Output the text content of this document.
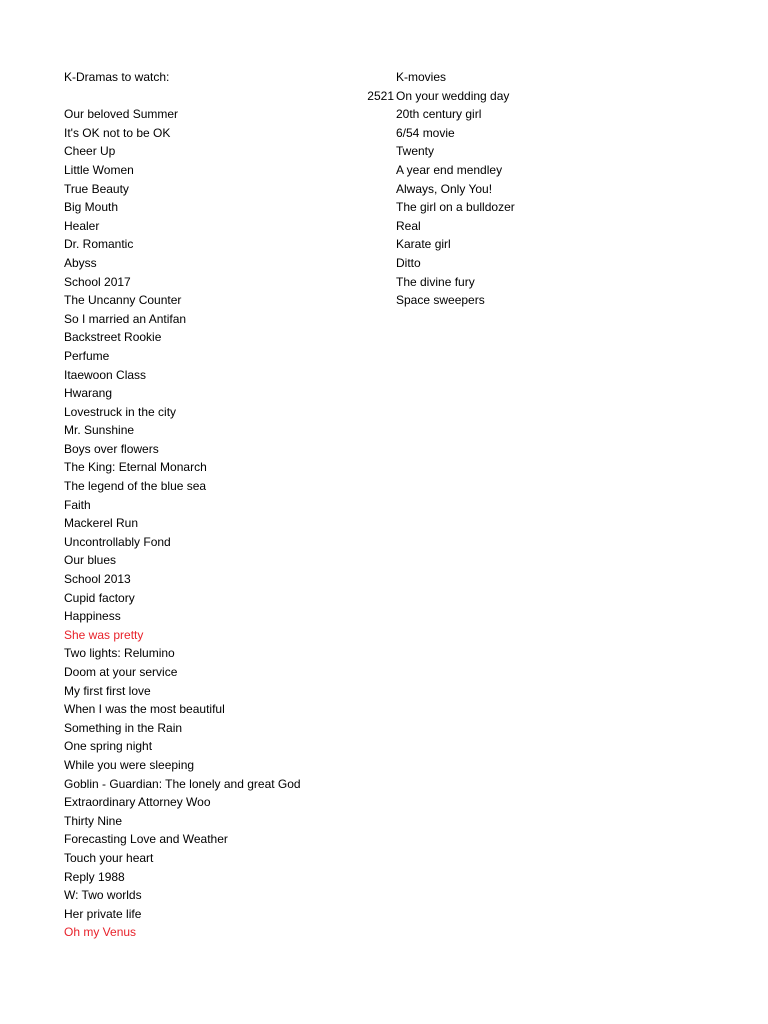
K-Dramas to watch:
Our beloved Summer
It's OK not to be OK
Cheer Up
Little Women
True Beauty
Big Mouth
Healer
Dr. Romantic
Abyss
School 2017
The Uncanny Counter
So I married an Antifan
Backstreet Rookie
Perfume
Itaewoon Class
Hwarang
Lovestruck in the city
Mr. Sunshine
Boys over flowers
The King: Eternal Monarch
The legend of the blue sea
Faith
Mackerel Run
Uncontrollably Fond
Our blues
School 2013
Cupid factory
Happiness
She was pretty
Two lights: Relumino
Doom at your service
My first first love
When I was the most beautiful
Something in the Rain
One spring night
While you were sleeping
Goblin - Guardian: The lonely and great God
Extraordinary Attorney Woo
Thirty Nine
Forecasting Love and Weather
Touch your heart
Reply 1988
W: Two worlds
Her private life
Oh my Venus
K-movies
On your wedding day
20th century girl
6/54 movie
Twenty
A year end mendley
Always, Only You!
The girl on a bulldozer
Real
Karate girl
Ditto
The divine fury
Space sweepers
2521
